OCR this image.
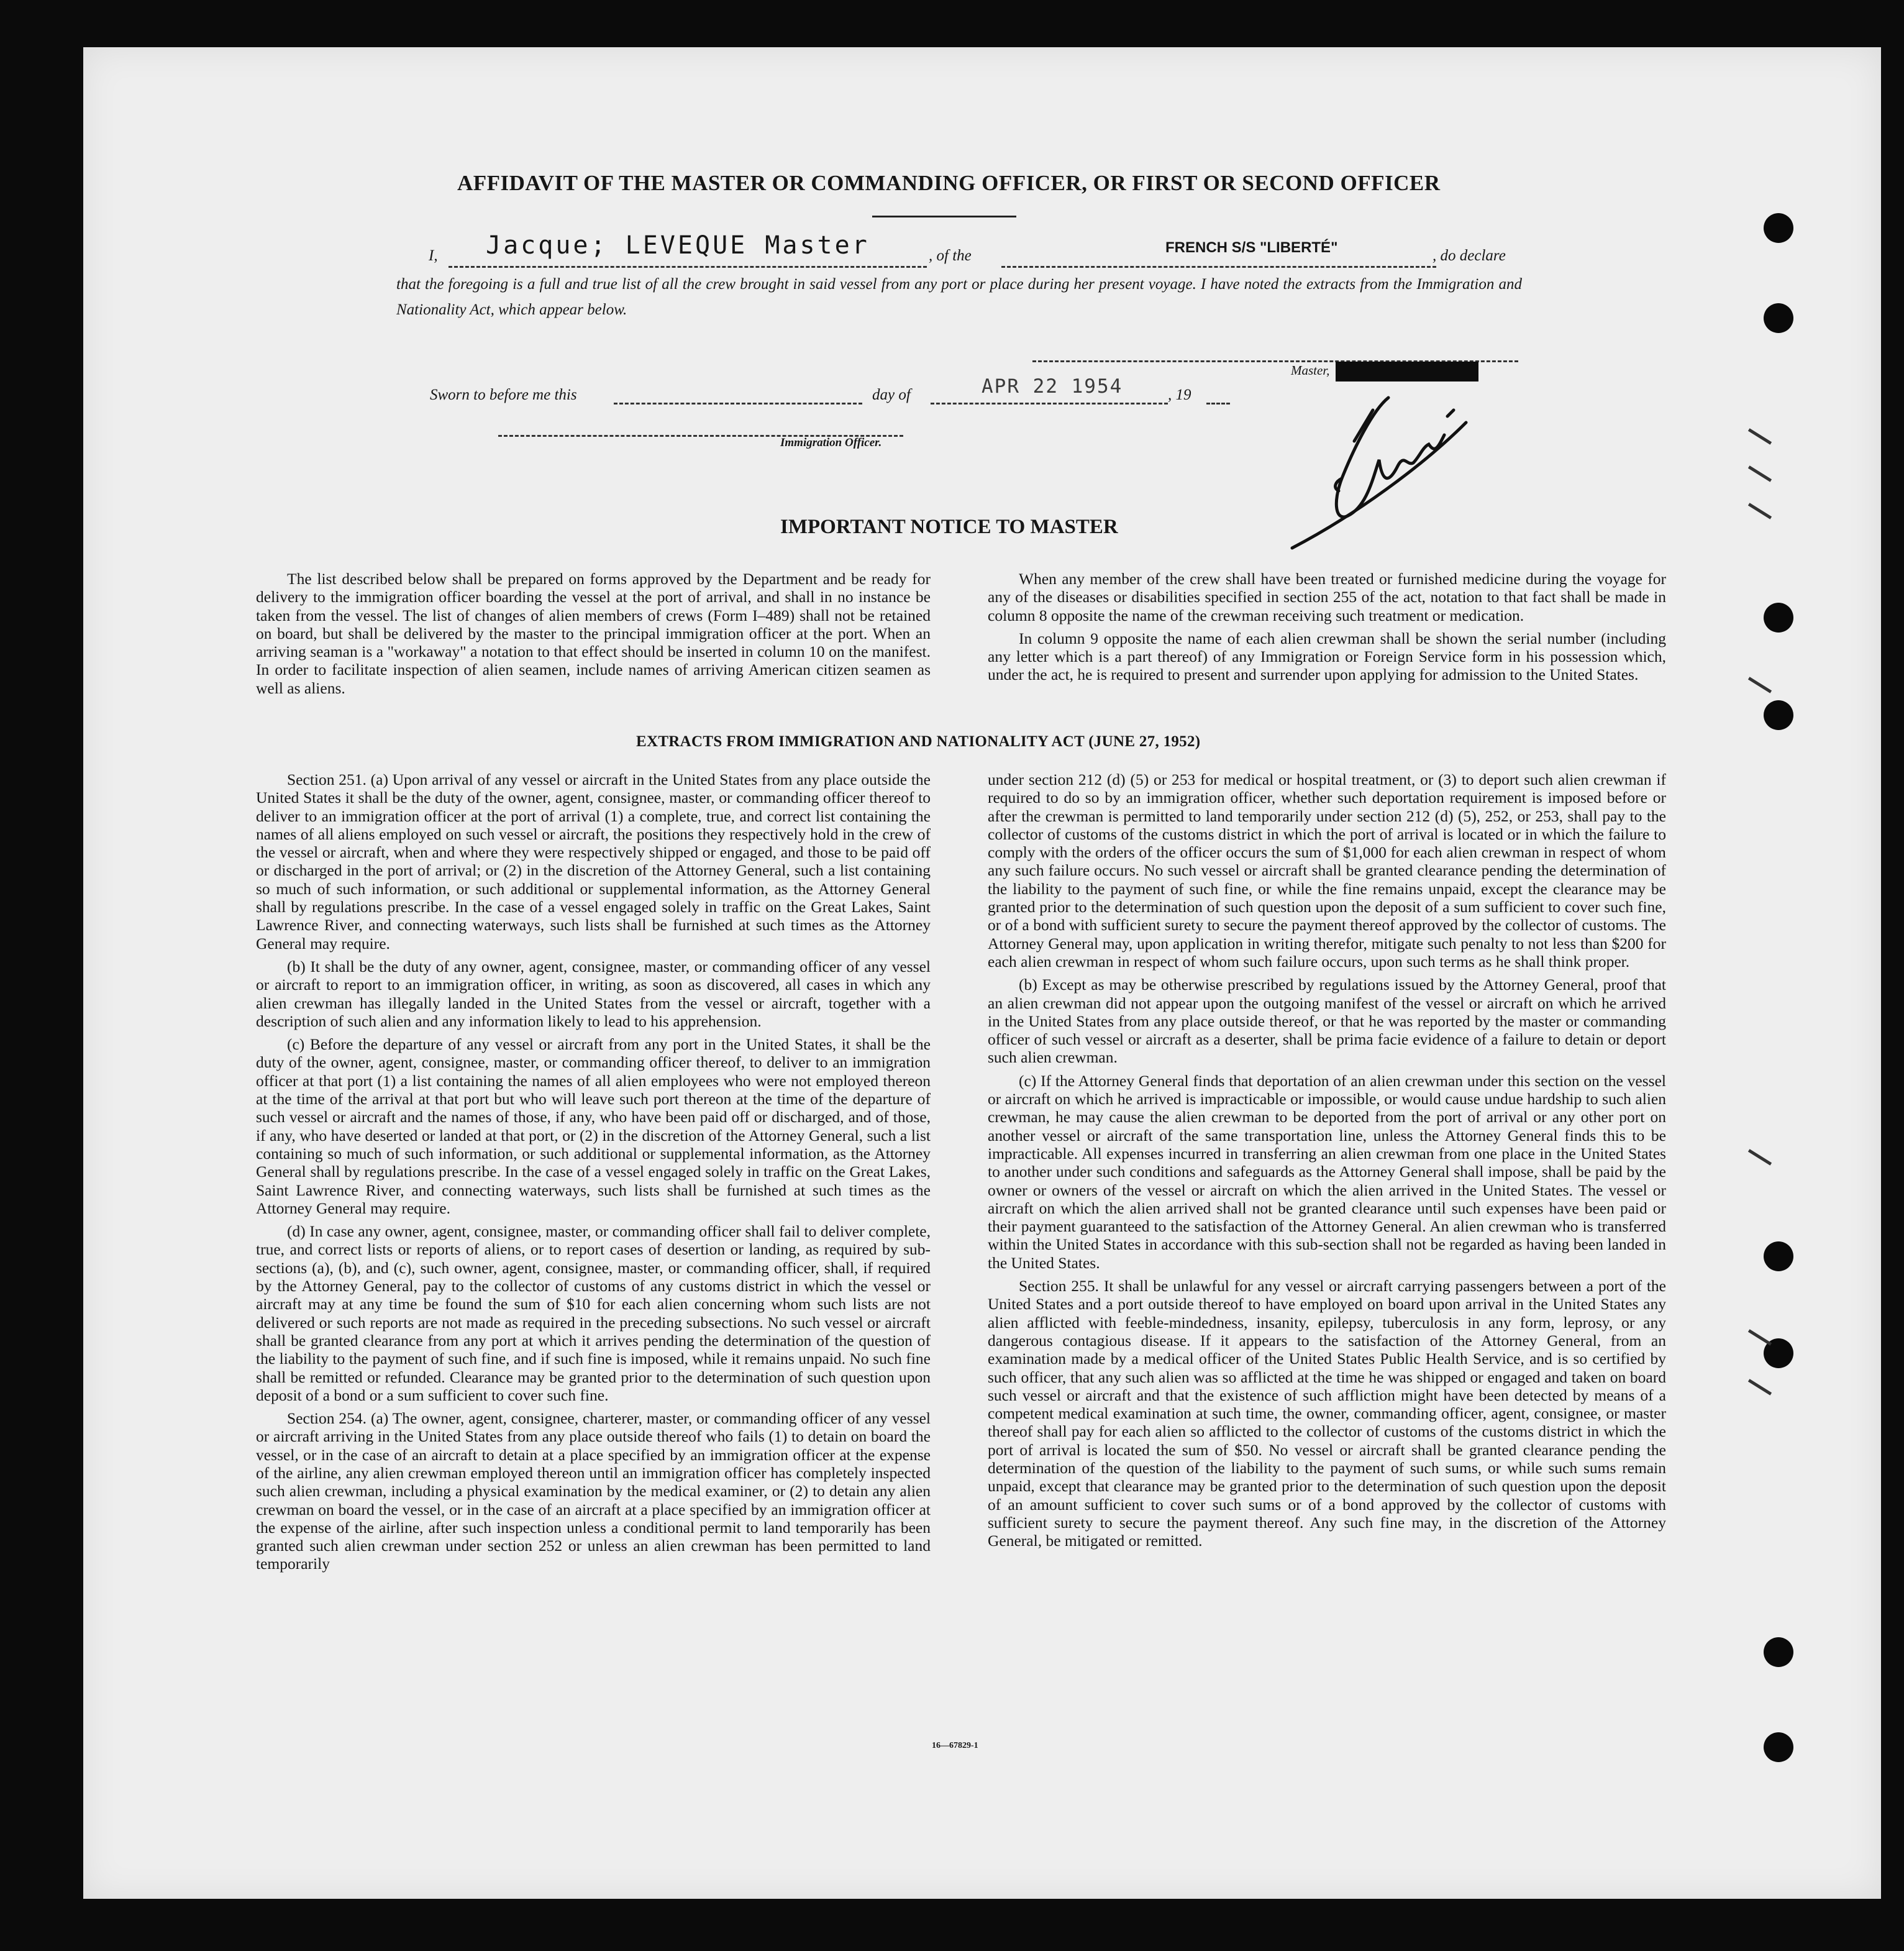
AFFIDAVIT OF THE MASTER OR COMMANDING OFFICER, OR FIRST OR SECOND OFFICER
I, Jacque; LEVEQUE Master	, of the	FRENCH S/S "LIBERTÉ"	, do declare
that the foregoing is a full and true list of all the crew brought in said vessel from any port or place during her present voyage. I have noted the extracts from the Immigration and Nationality Act, which appear below.
Master,
Sworn to before me this	day of	APR 22 1954	, 19
Immigration Officer.
IMPORTANT NOTICE TO MASTER

The list described below shall be prepared on forms approved by the Department and be ready for delivery to the immigration officer boarding the vessel at the port of arrival, and shall in no instance be taken from the vessel. The list of changes of alien members of crews (Form I–489) shall not be retained on board, but shall be delivered by the master to the principal immigration officer at the port. When an arriving seaman is a "workaway" a notation to that effect should be inserted in column 10 on the manifest. In order to facilitate inspection of alien seamen, include names of arriving American citizen seamen as well as aliens.

When any member of the crew shall have been treated or furnished medicine during the voyage for any of the diseases or disabilities specified in section 255 of the act, notation to that fact shall be made in column 8 opposite the name of the crewman receiving such treatment or medication.

In column 9 opposite the name of each alien crewman shall be shown the serial number (including any letter which is a part thereof) of any Immigration or Foreign Service form in his possession which, under the act, he is required to present and surrender upon applying for admission to the United States.

EXTRACTS FROM IMMIGRATION AND NATIONALITY ACT (JUNE 27, 1952)

Section 251. (a) Upon arrival of any vessel or aircraft in the United States from any place outside the United States it shall be the duty of the owner, agent, consignee, master, or commanding officer thereof to deliver to an immigration officer at the port of arrival (1) a complete, true, and correct list containing the names of all aliens employed on such vessel or aircraft, the positions they respectively hold in the crew of the vessel or aircraft, when and where they were respectively shipped or engaged, and those to be paid off or discharged in the port of arrival; or (2) in the discretion of the Attorney General, such a list containing so much of such information, or such additional or supplemental information, as the Attorney General shall by regulations prescribe. In the case of a vessel engaged solely in traffic on the Great Lakes, Saint Lawrence River, and connecting waterways, such lists shall be furnished at such times as the Attorney General may require.

(b) It shall be the duty of any owner, agent, consignee, master, or commanding officer of any vessel or aircraft to report to an immigration officer, in writing, as soon as discovered, all cases in which any alien crewman has illegally landed in the United States from the vessel or aircraft, together with a description of such alien and any information likely to lead to his apprehension.

(c) Before the departure of any vessel or aircraft from any port in the United States, it shall be the duty of the owner, agent, consignee, master, or commanding officer thereof, to deliver to an immigration officer at that port (1) a list containing the names of all alien employees who were not employed thereon at the time of the arrival at that port but who will leave such port thereon at the time of the departure of such vessel or aircraft and the names of those, if any, who have been paid off or discharged, and of those, if any, who have deserted or landed at that port, or (2) in the discretion of the Attorney General, such a list containing so much of such information, or such additional or supplemental information, as the Attorney General shall by regulations prescribe. In the case of a vessel engaged solely in traffic on the Great Lakes, Saint Lawrence River, and connecting waterways, such lists shall be furnished at such times as the Attorney General may require.

(d) In case any owner, agent, consignee, master, or commanding officer shall fail to deliver complete, true, and correct lists or reports of aliens, or to report cases of desertion or landing, as required by sub-sections (a), (b), and (c), such owner, agent, consignee, master, or commanding officer, shall, if required by the Attorney General, pay to the collector of customs of any customs district in which the vessel or aircraft may at any time be found the sum of $10 for each alien concerning whom such lists are not delivered or such reports are not made as required in the preceding subsections. No such vessel or aircraft shall be granted clearance from any port at which it arrives pending the determination of the question of the liability to the payment of such fine, and if such fine is imposed, while it remains unpaid. No such fine shall be remitted or refunded. Clearance may be granted prior to the determination of such question upon deposit of a bond or a sum sufficient to cover such fine.

Section 254. (a) The owner, agent, consignee, charterer, master, or commanding officer of any vessel or aircraft arriving in the United States from any place outside thereof who fails (1) to detain on board the vessel, or in the case of an aircraft to detain at a place specified by an immigration officer at the expense of the airline, any alien crewman employed thereon until an immigration officer has completely inspected such alien crewman, including a physical examination by the medical examiner, or (2) to detain any alien crewman on board the vessel, or in the case of an aircraft at a place specified by an immigration officer at the expense of the airline, after such inspection unless a conditional permit to land temporarily has been granted such alien crewman under section 252 or unless an alien crewman has been permitted to land temporarily

under section 212 (d) (5) or 253 for medical or hospital treatment, or (3) to deport such alien crewman if required to do so by an immigration officer, whether such deportation requirement is imposed before or after the crewman is permitted to land temporarily under section 212 (d) (5), 252, or 253, shall pay to the collector of customs of the customs district in which the port of arrival is located or in which the failure to comply with the orders of the officer occurs the sum of $1,000 for each alien crewman in respect of whom any such failure occurs. No such vessel or aircraft shall be granted clearance pending the determination of the liability to the payment of such fine, or while the fine remains unpaid, except the clearance may be granted prior to the determination of such question upon the deposit of a sum sufficient to cover such fine, or of a bond with sufficient surety to secure the payment thereof approved by the collector of customs. The Attorney General may, upon application in writing therefor, mitigate such penalty to not less than $200 for each alien crewman in respect of whom such failure occurs, upon such terms as he shall think proper.

(b) Except as may be otherwise prescribed by regulations issued by the Attorney General, proof that an alien crewman did not appear upon the outgoing manifest of the vessel or aircraft on which he arrived in the United States from any place outside thereof, or that he was reported by the master or commanding officer of such vessel or aircraft as a deserter, shall be prima facie evidence of a failure to detain or deport such alien crewman.

(c) If the Attorney General finds that deportation of an alien crewman under this section on the vessel or aircraft on which he arrived is impracticable or impossible, or would cause undue hardship to such alien crewman, he may cause the alien crewman to be deported from the port of arrival or any other port on another vessel or aircraft of the same transportation line, unless the Attorney General finds this to be impracticable. All expenses incurred in transferring an alien crewman from one place in the United States to another under such conditions and safeguards as the Attorney General shall impose, shall be paid by the owner or owners of the vessel or aircraft on which the alien arrived in the United States. The vessel or aircraft on which the alien arrived shall not be granted clearance until such expenses have been paid or their payment guaranteed to the satisfaction of the Attorney General. An alien crewman who is transferred within the United States in accordance with this sub-section shall not be regarded as having been landed in the United States.

Section 255. It shall be unlawful for any vessel or aircraft carrying passengers between a port of the United States and a port outside thereof to have employed on board upon arrival in the United States any alien afflicted with feeble-mindedness, insanity, epilepsy, tuberculosis in any form, leprosy, or any dangerous contagious disease. If it appears to the satisfaction of the Attorney General, from an examination made by a medical officer of the United States Public Health Service, and is so certified by such officer, that any such alien was so afflicted at the time he was shipped or engaged and taken on board such vessel or aircraft and that the existence of such affliction might have been detected by means of a competent medical examination at such time, the owner, commanding officer, agent, consignee, or master thereof shall pay for each alien so afflicted to the collector of customs of the customs district in which the port of arrival is located the sum of $50. No vessel or aircraft shall be granted clearance pending the determination of the question of the liability to the payment of such sums, or while such sums remain unpaid, except that clearance may be granted prior to the determination of such question upon the deposit of an amount sufficient to cover such sums or of a bond approved by the collector of customs with sufficient surety to secure the payment thereof. Any such fine may, in the discretion of the Attorney General, be mitigated or remitted.

16—67829-1
